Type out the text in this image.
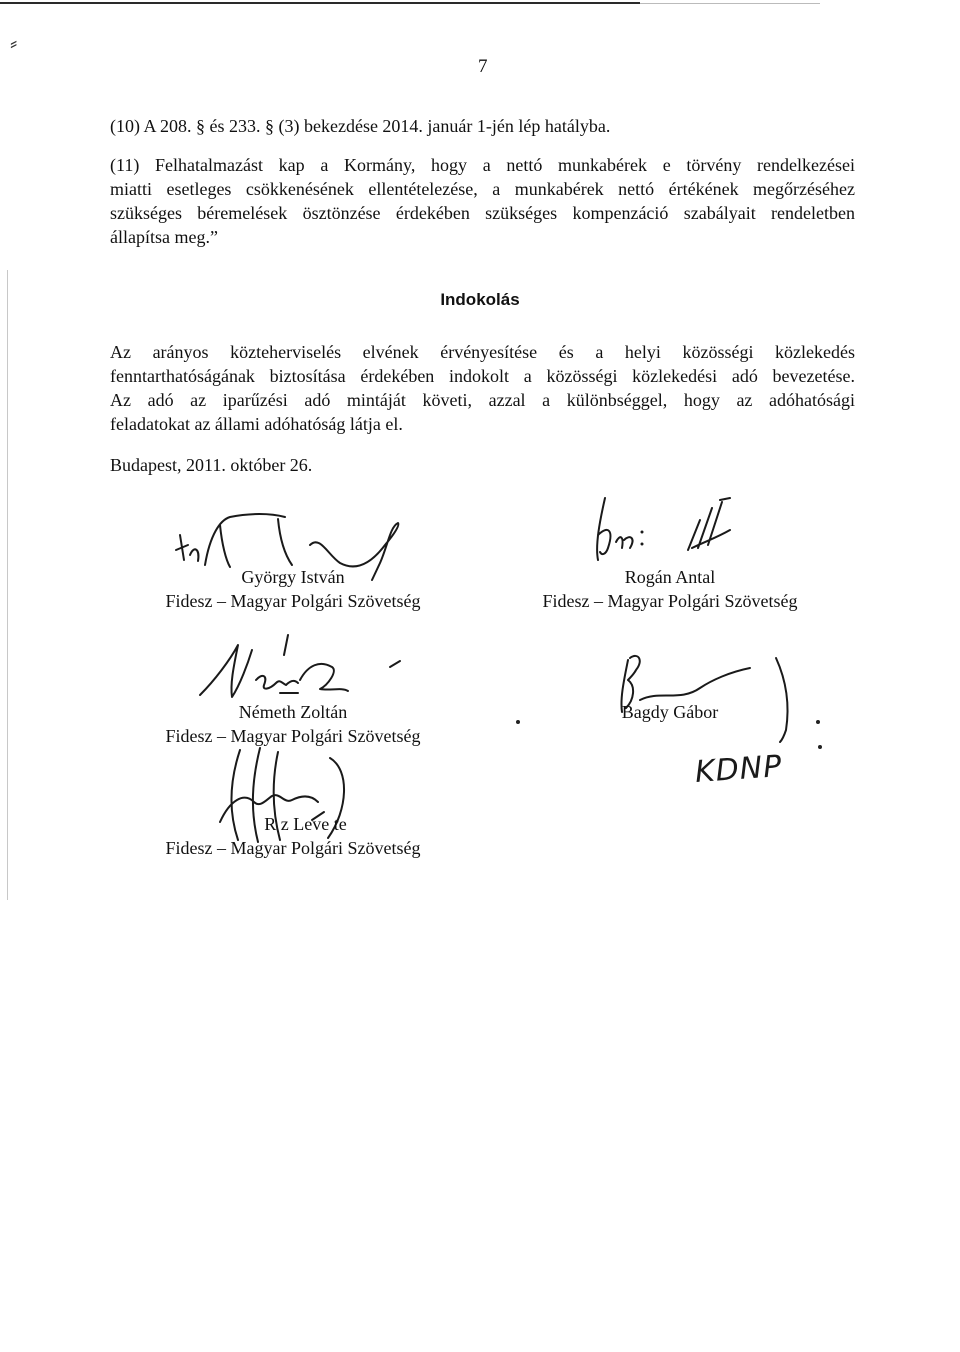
⸗
7

(10) A 208. § és 233. § (3) bekezdése 2014. január 1-jén lép hatályba.

(11) Felhatalmazást kap a Kormány, hogy a nettó munkabérek e törvény rendelkezései

miatti esetleges csökkenésének ellentételezése, a munkabérek nettó értékének megőrzéséhez

szükséges béremelések ösztönzése érdekében szükséges kompenzáció szabályait rendeletben

állapítsa meg.”

Indokolás

Az arányos közteherviselés elvének érvényesítése és a helyi közösségi közlekedés

fenntarthatóságának biztosítása érdekében indokolt a közösségi közlekedési adó bevezetése.

Az adó az iparűzési adó mintáját követi, azzal a különbséggel, hogy az adóhatósági

feladatokat az állami adóhatóság látja el.

Budapest, 2011. október 26.
György István
Fidesz – Magyar Polgári Szövetség
Rogán Antal
Fidesz – Magyar Polgári Szövetség
Németh Zoltán
Fidesz – Magyar Polgári Szövetség
Bagdy Gábor
KDNP
R z Leve te
Fidesz – Magyar Polgári Szövetség
